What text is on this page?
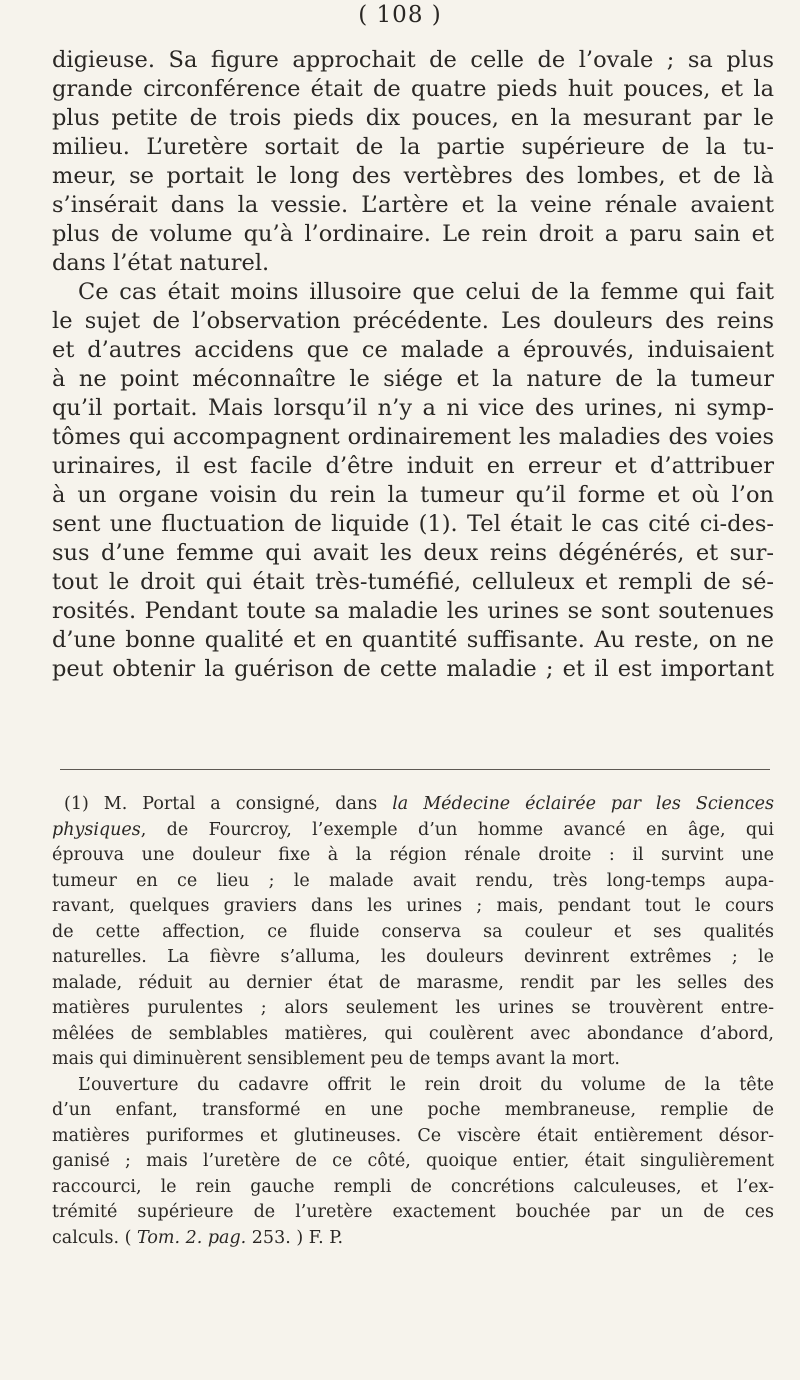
( 108 )
digieuse. Sa figure approchait de celle de l’ovale ; sa plus
grande circonférence était de quatre pieds huit pouces, et la
plus petite de trois pieds dix pouces, en la mesurant par le
milieu. L’uretère sortait de la partie supérieure de la tu-
meur, se portait le long des vertèbres des lombes, et de là
s’insérait dans la vessie. L’artère et la veine rénale avaient
plus de volume qu’à l’ordinaire. Le rein droit a paru sain et
dans l’état naturel.
Ce cas était moins illusoire que celui de la femme qui fait
le sujet de l’observation précédente. Les douleurs des reins
et d’autres accidens que ce malade a éprouvés, induisaient
à ne point méconnaître le siége et la nature de la tumeur
qu’il portait. Mais lorsqu’il n’y a ni vice des urines, ni symp-
tômes qui accompagnent ordinairement les maladies des voies
urinaires, il est facile d’être induit en erreur et d’attribuer
à un organe voisin du rein la tumeur qu’il forme et où l’on
sent une fluctuation de liquide (1). Tel était le cas cité ci-des-
sus d’une femme qui avait les deux reins dégénérés, et sur-
tout le droit qui était très-tuméfié, celluleux et rempli de sé-
rosités. Pendant toute sa maladie les urines se sont soutenues
d’une bonne qualité et en quantité suffisante. Au reste, on ne
peut obtenir la guérison de cette maladie ; et il est important
(1) M. Portal a consigné, dans la Médecine éclairée par les Sciences
physiques, de Fourcroy, l’exemple d’un homme avancé en âge, qui
éprouva une douleur fixe à la région rénale droite : il survint une
tumeur en ce lieu ; le malade avait rendu, très long-temps aupa-
ravant, quelques graviers dans les urines ; mais, pendant tout le cours
de cette affection, ce fluide conserva sa couleur et ses qualités
naturelles. La fièvre s’alluma, les douleurs devinrent extrêmes ; le
malade, réduit au dernier état de marasme, rendit par les selles des
matières purulentes ; alors seulement les urines se trouvèrent entre-
mêlées de semblables matières, qui coulèrent avec abondance d’abord,
mais qui diminuèrent sensiblement peu de temps avant la mort.
L’ouverture du cadavre offrit le rein droit du volume de la tête
d’un enfant, transformé en une poche membraneuse, remplie de
matières puriformes et glutineuses. Ce viscère était entièrement désor-
ganisé ; mais l’uretère de ce côté, quoique entier, était singulièrement
raccourci, le rein gauche rempli de concrétions calculeuses, et l’ex-
trémité supérieure de l’uretère exactement bouchée par un de ces
calculs. ( Tom. 2. pag. 253. ) F. P.
